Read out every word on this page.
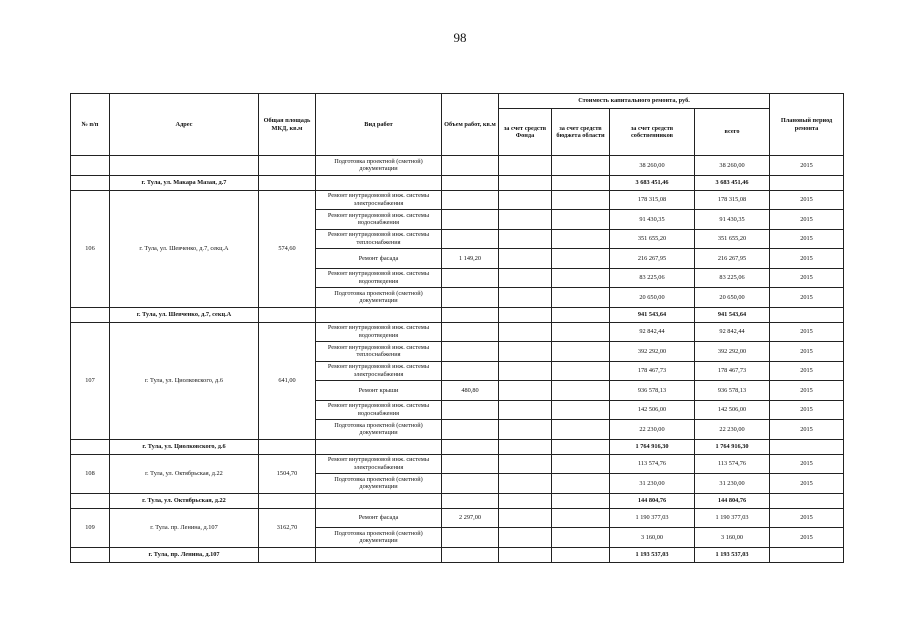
98
№ п/п	Адрес	Общая площадь МКД, кв.м	Вид работ	Объем работ, кв.м	Стоимость капитального ремонта, руб.				Плановый период ремонта
					за счет средств Фонда	за счет средств бюджета области	за счет средств собственников	всего	
			Подготовка проектной (сметной) документации				38 260,00	38 260,00	2015
	г. Тула, ул. Макара Мазая, д.7						3 683 451,46	3 683 451,46	
106	г. Тула, ул. Шевченко, д.7, секц.А	574,60	Ремонт внутридомовой инж. системы электроснабжения				178 315,08	178 315,08	2015
			Ремонт внутридомовой инж. системы водоснабжения				91 430,35	91 430,35	2015
			Ремонт внутридомовой инж. системы теплоснабжения				351 655,20	351 655,20	2015
			Ремонт фасада	1 149,20			216 267,95	216 267,95	2015
			Ремонт внутридомовой инж. системы водоотведения				83 225,06	83 225,06	2015
			Подготовка проектной (сметной) документации				20 650,00	20 650,00	2015
	г. Тула, ул. Шевченко, д.7, секц.А						941 543,64	941 543,64	
107	г. Тула, ул. Циолковского, д.6	641,00	Ремонт внутридомовой инж. системы водоотведения				92 842,44	92 842,44	2015
			Ремонт внутридомовой инж. системы теплоснабжения				392 292,00	392 292,00	2015
			Ремонт внутридомовой инж. системы электроснабжения				178 467,73	178 467,73	2015
			Ремонт крыши	480,80			936 578,13	936 578,13	2015
			Ремонт внутридомовой инж. системы водоснабжения				142 506,00	142 506,00	2015
			Подготовка проектной (сметной) документации				22 230,00	22 230,00	2015
	г. Тула, ул. Циолковского, д.6						1 764 916,30	1 764 916,30	
108	г. Тула, ул. Октябрьская, д.22	1504,70	Ремонт внутридомовой инж. системы электроснабжения				113 574,76	113 574,76	2015
			Подготовка проектной (сметной) документации				31 230,00	31 230,00	2015
	г. Тула, ул. Октябрьская, д.22						144 804,76	144 804,76	
109	г. Тула. пр. Ленина, д.107	3162,70	Ремонт фасада	2 297,00			1 190 377,03	1 190 377,03	2015
			Подготовка проектной (сметной) документации				3 160,00	3 160,00	2015
	г. Тула, пр. Ленина, д.107						1 193 537,03	1 193 537,03	
